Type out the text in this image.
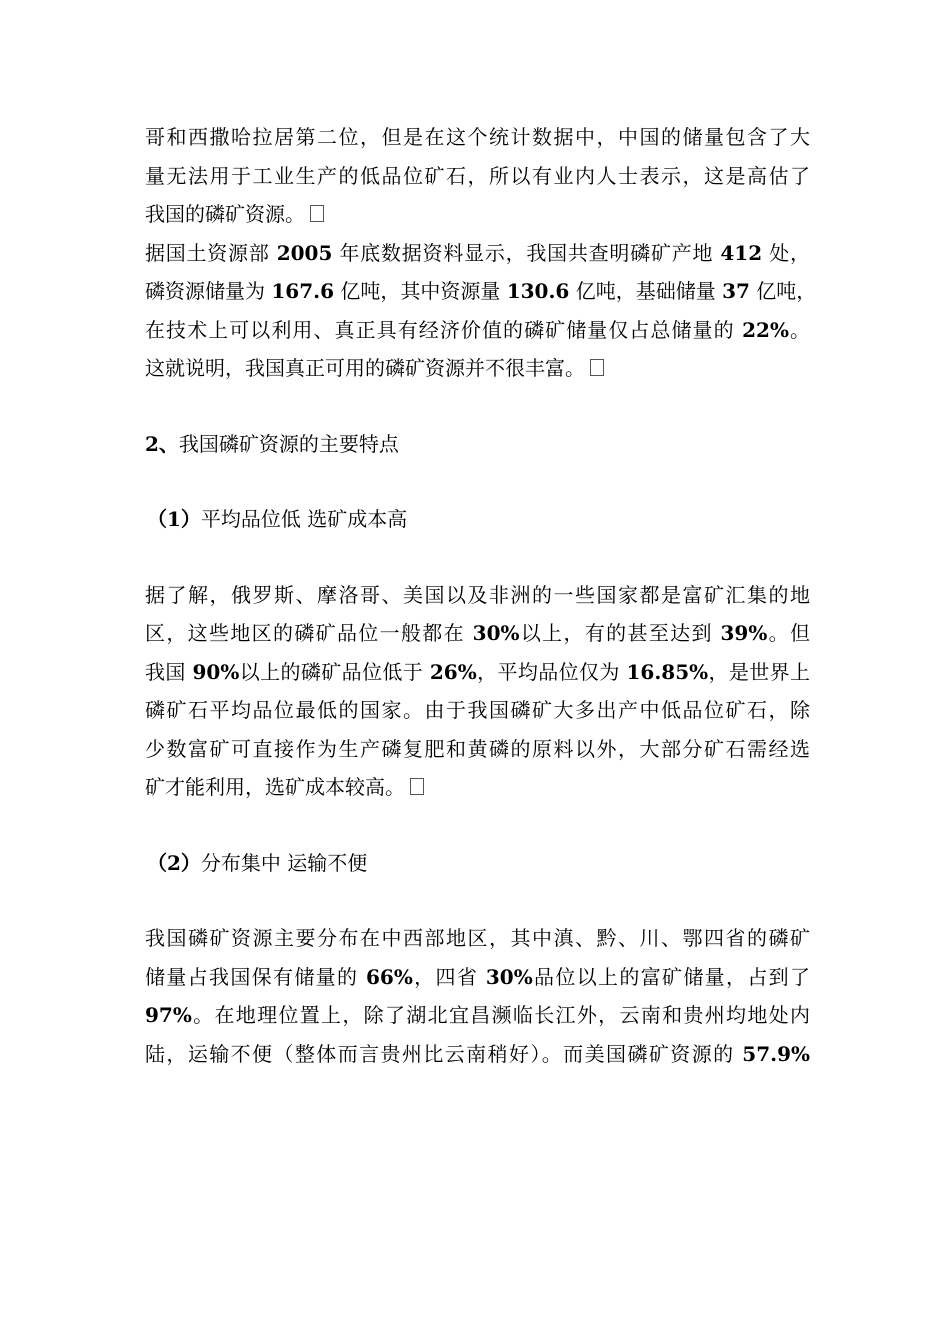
哥和西撒哈拉居第二位，但是在这个统计数据中，中国的储量包含了大
量无法用于工业生产的低品位矿石，所以有业内人士表示，这是高估了
我国的磷矿资源。
据国土资源部 2005 年底数据资料显示，我国共查明磷矿产地 412 处，
磷资源储量为 167.6 亿吨，其中资源量 130.6 亿吨，基础储量 37 亿吨，
在技术上可以利用、真正具有经济价值的磷矿储量仅占总储量的 22%。
这就说明，我国真正可用的磷矿资源并不很丰富。

2、我国磷矿资源的主要特点

（1）平均品位低 选矿成本高

据了解，俄罗斯、摩洛哥、美国以及非洲的一些国家都是富矿汇集的地
区，这些地区的磷矿品位一般都在 30%以上，有的甚至达到 39%。但
我国 90%以上的磷矿品位低于 26%，平均品位仅为 16.85%，是世界上
磷矿石平均品位最低的国家。由于我国磷矿大多出产中低品位矿石，除
少数富矿可直接作为生产磷复肥和黄磷的原料以外，大部分矿石需经选
矿才能利用，选矿成本较高。

（2）分布集中 运输不便

我国磷矿资源主要分布在中西部地区，其中滇、黔、川、鄂四省的磷矿
储量占我国保有储量的 66%，四省 30%品位以上的富矿储量，占到了
97%。在地理位置上，除了湖北宜昌濒临长江外，云南和贵州均地处内
陆，运输不便（整体而言贵州比云南稍好）。而美国磷矿资源的 57.9%
